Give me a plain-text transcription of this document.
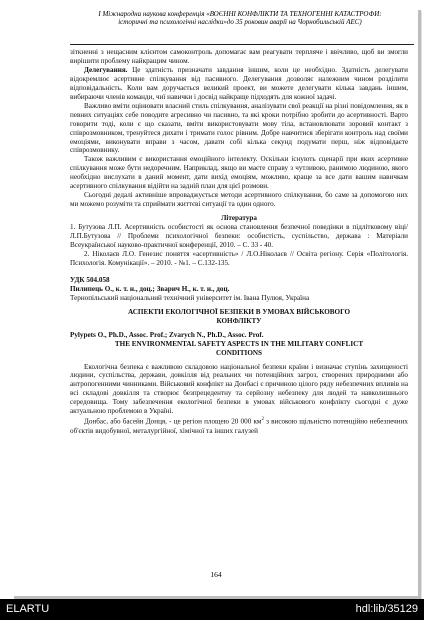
І Міжнародна наукова конференція «ВОЄННІ КОНФЛІКТИ ТА ТЕХНОГЕННІ КАТАСТРОФИ:
історичні та психологічні наслідки»до 35 роковин аварії на Чорнобильській АЕС)

зіткненні з нещасним клієнтом самоконтроль допомагає вам реагувати терпляче і ввічливо, щоб ви змогли вирішити проблему найкращим чином.

Делегування. Це здатність призначати завдання іншим, коли це необхідно. Здатність делегувати відокремлює асертивне спілкування від пасивного. Делегування дозволяє належним чином розділити відповідальність. Коли вам доручається великий проект, ви можете делегувати кілька завдань іншим, вибираючи членів команди, чиї навички і досвід найкраще підходять для кожної задачі.

Важливо вміти оцінювати власний стиль спілкування, аналізувати свої реакції на різні повідомлення, як в певних ситуаціях себе поводите агресивно чи пасивно, та які кроки потрібно зробити до асертивності. Варто говорити тоді, коли є що сказати, вміти використовувати мову тіла, встановлювати зоровий контакт з співрозмовником, тренуйтеся дихати і тримати голос рівним. Добре навчитися зберігати контроль над своїми емоціями, виконувати вправи з часом, давати собі кілька секунд подумати перш, ніж відповідаєте співрозмовнику.

Також важливим є використання емоційного інтелекту. Оскільки існують сценарії при яких асертивне спілкування може бути недоречним. Наприклад, якщо ви маєте справу з чутливою, ранимою людиною, якого необхідно вислухати в даний момент, дати вихід емоціям, можливо, краще за все дати вашим навичкам асертивного спілкування відійти на задній план для цієї розмови.

Сьогодні дедалі активніше впроваджується методи асертивного спілкування, бо саме за допомогою них ми можемо розуміти та сприймати життєві ситуації та один одного.

Література

1. Бутузова Л.П. Асертивність особистості як основа становлення безпечної поведінки в підлітковому віці/ Л.П.Бутузова // Проблеми психологічної безпеки: особистість, суспільство, держава : Матеріали Всеукраїнської науково-практичної конференції, 2010. – С. 33 - 40.

2. Ніколаєв Л.О. Генезис поняття «асертивність» / Л.О.Ніколаєв // Освіта регіону. Серія «Політологія. Психологія. Комунікації». – 2010. - №1. – С.132-135.

УДК 504.058

Пилипець О., к. т. н., доц.; Зварич Н., к. т. н., доц.

Тернопільський національний технічний університет ім. Івана Пулюя, Україна

АСПЕКТИ ЕКОЛОГІЧНОЇ БЕЗПЕКИ В УМОВАХ ВІЙСЬКОВОГО
КОНФЛІКТУ

Pylypets O., Ph.D., Assoc. Prof.; Zvarych N., Ph.D., Assoc. Prof.

THE ENVIRONMENTAL SAFETY ASPECTS IN THE MILITARY CONFLICT
CONDITIONS

Екологічна безпека є важливою складовою національної безпеки країни і визначає ступінь захищеності людини, суспільства, держави, довкілля від реальних чи потенційних загроз, створених природними або антропогенними чинниками. Військовий конфлікт на Донбасі є причиною цілого ряду небезпечних впливів на всі складові довкілля та створює безпрецедентну та серйозну небезпеку для людей та навколишнього середовища. Тому забезпечення екологічної безпеки в умовах військового конфлікту сьогодні є дуже актуальною проблемою в Україні.

Донбас, або басейн Донця, - це регіон площею 20 000 $км^2$ з високою щільністю потенційно небезпечних об'єктів видобувної, металургійної, хімічної та інших галузей

164
ELARTU	hdl:lib/35129
